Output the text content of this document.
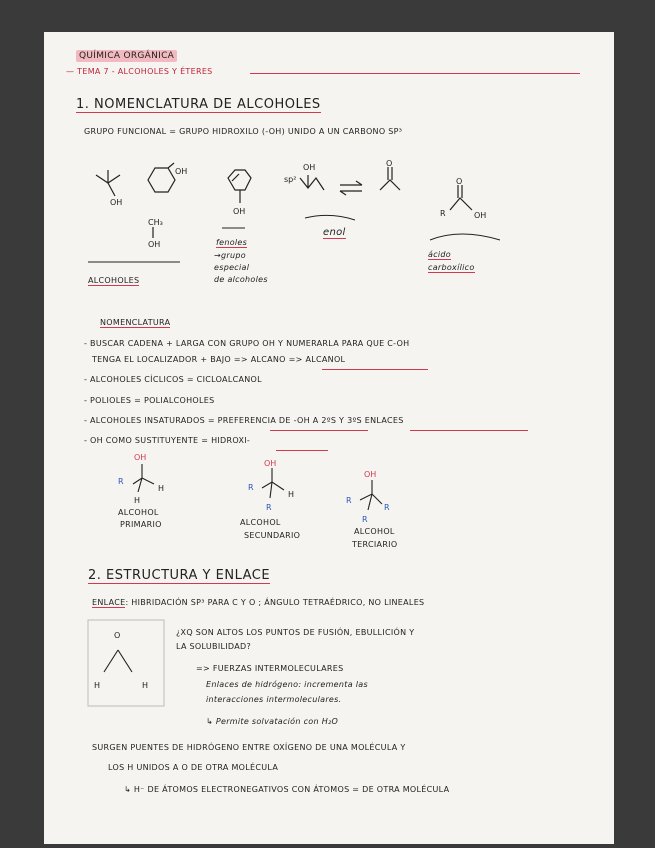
QUÍMICA ORGÁNICA
— TEMA 7 - ALCOHOLES Y ÉTERES
1. NOMENCLATURA DE ALCOHOLES
GRUPO FUNCIONAL = GRUPO HIDROXILO (-OH) UNIDO A UN CARBONO SP³
OH
OH
OH
CH₃
OH
OH
sp²
O
O
R	OH
ALCOHOLES
fenoles
→grupo
especial
de alcoholes
enol
ácido
carboxílico
NOMENCLATURA
- BUSCAR CADENA + LARGA CON GRUPO OH Y NUMERARLA PARA QUE C-OH
TENGA EL LOCALIZADOR + BAJO => ALCANO => ALCANOL
- ALCOHOLES CÍCLICOS = CICLOALCANOL
- POLIOLES = POLIALCOHOLES
- ALCOHOLES INSATURADOS = PREFERENCIA DE -OH A 2ºS Y 3ºS ENLACES
- OH COMO SUSTITUYENTE = HIDROXI-
OH
R
H
H
OH
R
H
R
OH
R
R
R
ALCOHOL
PRIMARIO	ALCOHOL
SECUNDARIO	ALCOHOL
TERCIARIO
2. ESTRUCTURA Y ENLACE
ENLACE: HIBRIDACIÓN SP³ PARA C Y O ; ÁNGULO TETRAÉDRICO, NO LINEALES
O
H	H
¿XQ SON ALTOS LOS PUNTOS DE FUSIÓN, EBULLICIÓN Y
LA SOLUBILIDAD?
=> FUERZAS INTERMOLECULARES
Enlaces de hidrógeno: incrementa las
interacciones intermoleculares.
↳ Permite solvatación con H₂O
SURGEN PUENTES DE HIDRÓGENO ENTRE OXÍGENO DE UNA MOLÉCULA Y
LOS H UNIDOS A O DE OTRA MOLÉCULA
↳ H⁻ DE ÁTOMOS ELECTRONEGATIVOS CON ÁTOMOS = DE OTRA MOLÉCULA
